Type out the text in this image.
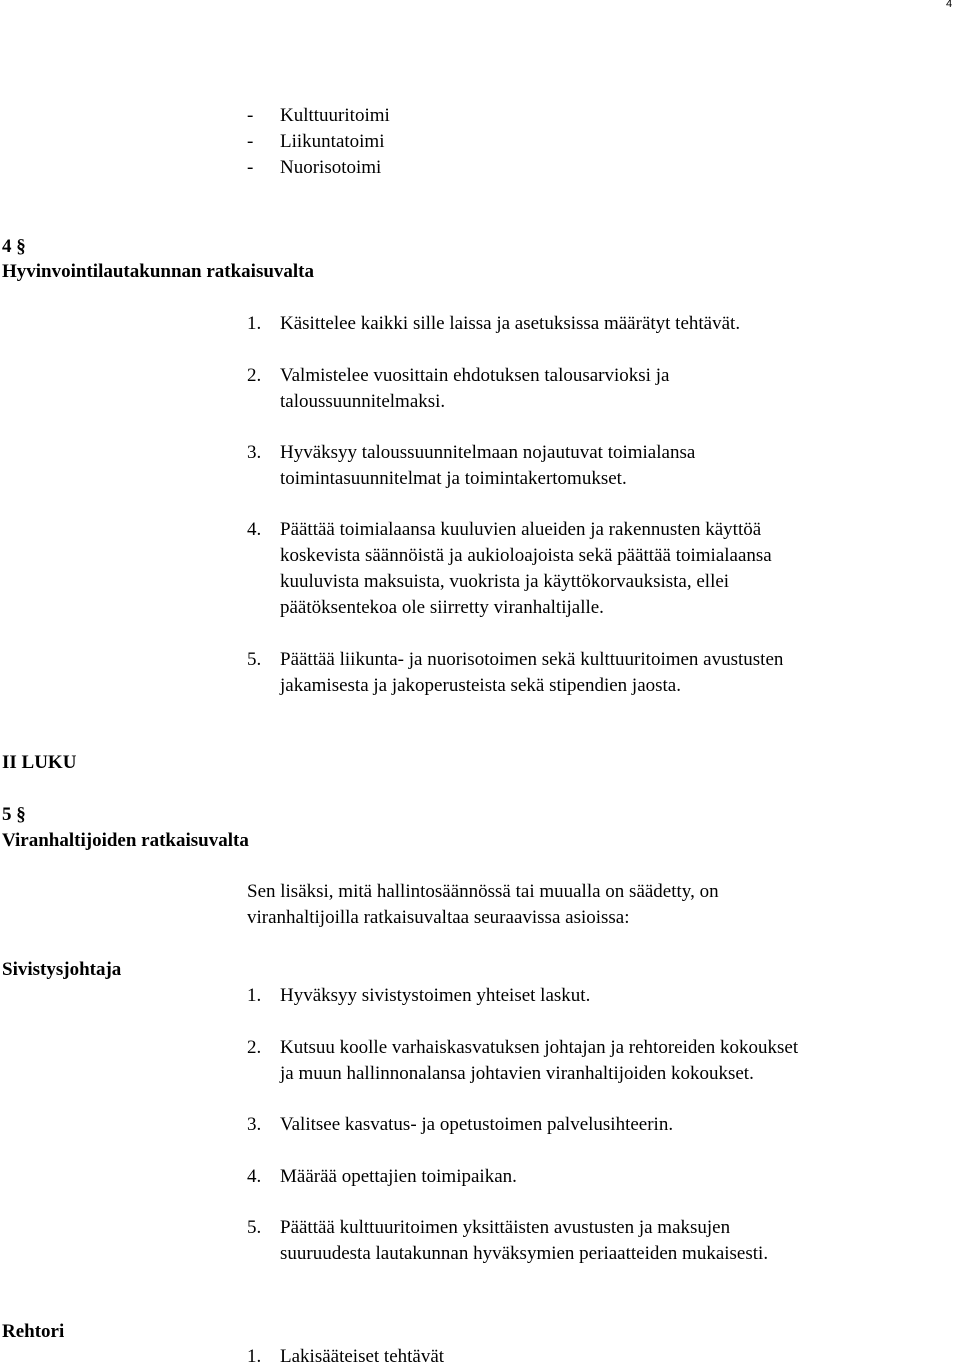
4
- Kulttuuritoimi
- Liikuntatoimi
- Nuorisotoimi
4 §
Hyvinvointilautakunnan ratkaisuvalta
1. Käsittelee kaikki sille laissa ja asetuksissa määrätyt tehtävät.
2. Valmistelee vuosittain ehdotuksen talousarvioksi ja
taloussuunnitelmaksi.
3. Hyväksyy taloussuunnitelmaan nojautuvat toimialansa
toimintasuunnitelmat ja toimintakertomukset.
4. Päättää toimialaansa kuuluvien alueiden ja rakennusten käyttöä
koskevista säännöistä ja aukioloajoista sekä päättää toimialaansa
kuuluvista maksuista, vuokrista ja käyttökorvauksista, ellei
päätöksentekoa ole siirretty viranhaltijalle.
5. Päättää liikunta- ja nuorisotoimen sekä kulttuuritoimen avustusten
jakamisesta ja jakoperusteista sekä stipendien jaosta.
II LUKU
5 §
Viranhaltijoiden ratkaisuvalta
Sen lisäksi, mitä hallintosäännössä tai muualla on säädetty, on
viranhaltijoilla ratkaisuvaltaa seuraavissa asioissa:
Sivistysjohtaja
1. Hyväksyy sivistystoimen yhteiset laskut.
2. Kutsuu koolle varhaiskasvatuksen johtajan ja rehtoreiden kokoukset
ja muun hallinnonalansa johtavien viranhaltijoiden kokoukset.
3. Valitsee kasvatus- ja opetustoimen palvelusihteerin.
4. Määrää opettajien toimipaikan.
5. Päättää kulttuuritoimen yksittäisten avustusten ja maksujen
suuruudesta lautakunnan hyväksymien periaatteiden mukaisesti.
Rehtori
1. Lakisääteiset tehtävät
